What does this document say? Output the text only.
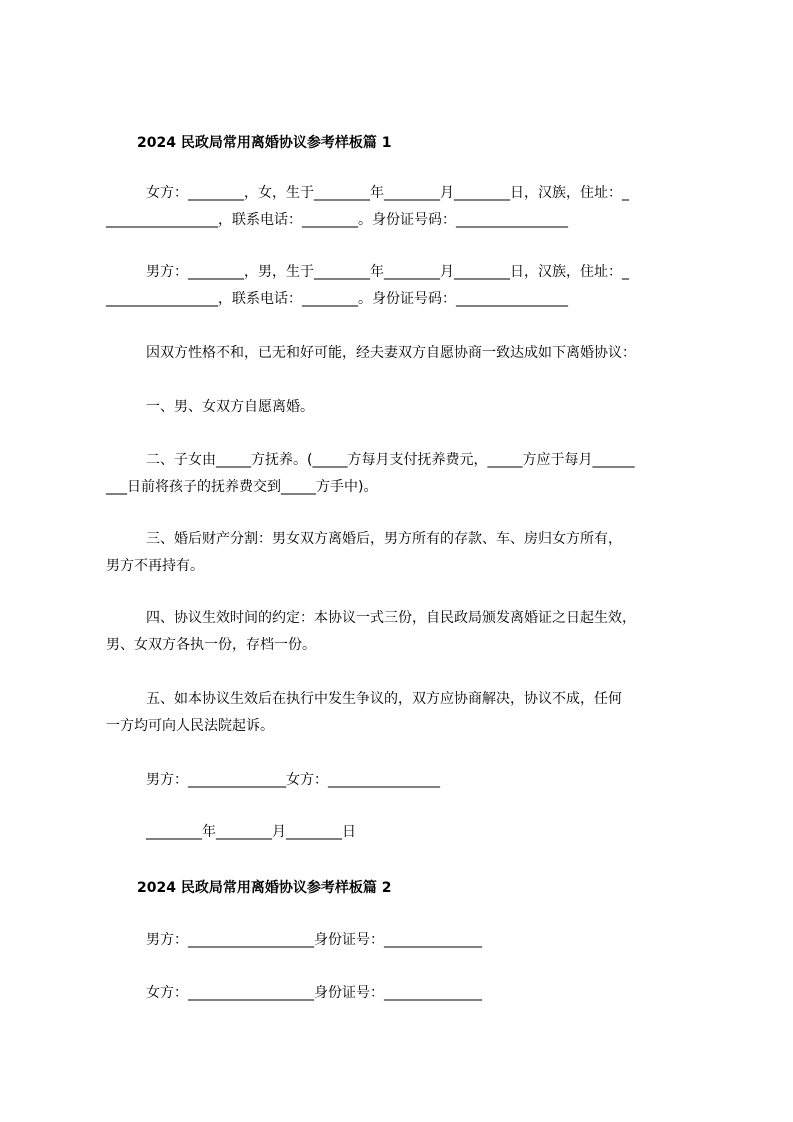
2024 民政局常用离婚协议参考样板篇 1
女方：________，女，生于________年________月________日，汉族，住址：_
________________，联系电话：________。身份证号码：________________
男方：________，男，生于________年________月________日，汉族，住址：_
________________，联系电话：________。身份证号码：________________
因双方性格不和，已无和好可能，经夫妻双方自愿协商一致达成如下离婚协议：
一、男、女双方自愿离婚。
二、子女由_____方抚养。(_____方每月支付抚养费元，_____方应于每月______
___日前将孩子的抚养费交到_____方手中)。
三、婚后财产分割：男女双方离婚后，男方所有的存款、车、房归女方所有，
男方不再持有。
四、协议生效时间的约定：本协议一式三份，自民政局颁发离婚证之日起生效，
男、女双方各执一份，存档一份。
五、如本协议生效后在执行中发生争议的，双方应协商解决，协议不成，任何
一方均可向人民法院起诉。
男方：______________女方：________________
________年________月________日
2024 民政局常用离婚协议参考样板篇 2
男方：__________________身份证号：______________
女方：__________________身份证号：______________
